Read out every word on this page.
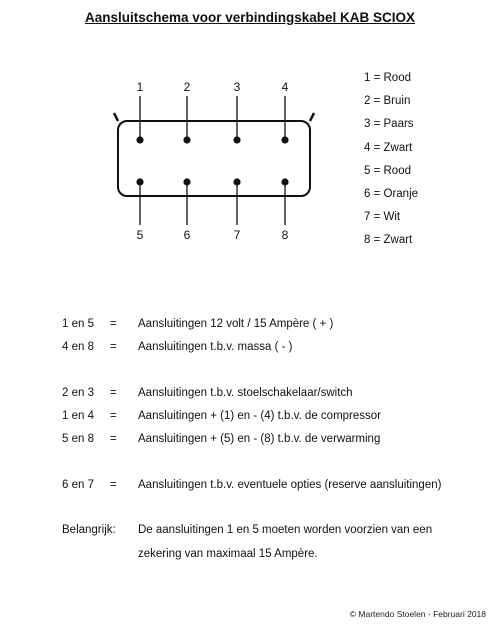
Aansluitschema voor verbindingskabel KAB SCIOX
1	2	3	4
5	6	7	8
1 = Rood
2 = Bruin
3 = Paars
4 = Zwart
5 = Rood
6 = Oranje
7 = Wit
8 = Zwart
1 en 5 = Aansluitingen 12 volt / 15 Ampère ( + )
4 en 8 = Aansluitingen t.b.v. massa ( - )
2 en 3 = Aansluitingen t.b.v. stoelschakelaar/switch
1 en 4 = Aansluitingen + (1) en - (4) t.b.v. de compressor
5 en 8 = Aansluitingen + (5) en - (8) t.b.v. de verwarming
6 en 7 = Aansluitingen t.b.v. eventuele opties (reserve aansluitingen)
Belangrijk: De aansluitingen 1 en 5 moeten worden voorzien van een
zekering van maximaal 15 Ampère.
© Martendo Stoelen - Februari 2018
